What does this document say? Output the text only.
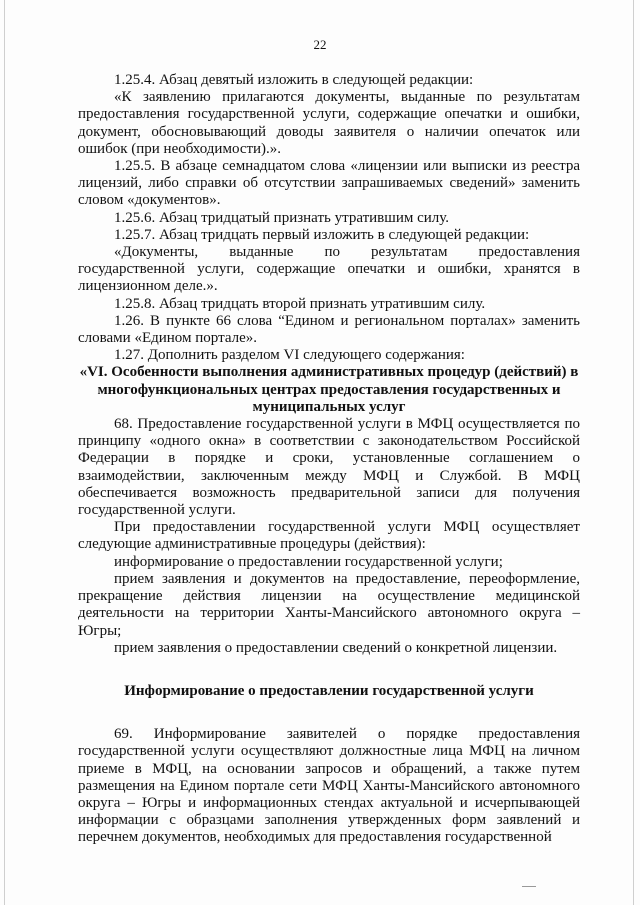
22

1.25.4. Абзац девятый изложить в следующей редакции:

«К заявлению прилагаются документы, выданные по результатам предоставления государственной услуги, содержащие опечатки и ошибки, документ, обосновывающий доводы заявителя о наличии опечаток или ошибок (при необходимости).».

1.25.5. В абзаце семнадцатом слова «лицензии или выписки из реестра лицензий, либо справки об отсутствии запрашиваемых сведений» заменить словом «документов».

1.25.6. Абзац тридцатый признать утратившим силу.

1.25.7. Абзац тридцать первый изложить в следующей редакции:

«Документы, выданные по результатам предоставления государственной услуги, содержащие опечатки и ошибки, хранятся в лицензионном деле.».

1.25.8. Абзац тридцать второй признать утратившим силу.

1.26. В пункте 66 слова “Едином и региональном порталах» заменить словами «Едином портале».

1.27. Дополнить разделом VI следующего содержания:

«VI. Особенности выполнения административных процедур (действий) в многофункциональных центрах предоставления государственных и муниципальных услуг

68. Предоставление государственной услуги в МФЦ осуществляется по принципу «одного окна» в соответствии с законодательством Российской Федерации в порядке и сроки, установленные соглашением о взаимодействии, заключенным между МФЦ и Службой. В МФЦ обеспечивается возможность предварительной записи для получения государственной услуги.

При предоставлении государственной услуги МФЦ осуществляет следующие административные процедуры (действия):

информирование о предоставлении государственной услуги;

прием заявления и документов на предоставление, переоформление, прекращение действия лицензии на осуществление медицинской деятельности на территории Ханты-Мансийского автономного округа – Югры;

прием заявления о предоставлении сведений о конкретной лицензии.

Информирование о предоставлении государственной услуги

69. Информирование заявителей о порядке предоставления государственной услуги осуществляют должностные лица МФЦ на личном приеме в МФЦ, на основании запросов и обращений, а также путем размещения на Едином портале сети МФЦ Ханты-Мансийского автономного округа – Югры и информационных стендах актуальной и исчерпывающей информации с образцами заполнения утвержденных форм заявлений и перечнем документов, необходимых для предоставления государственной
